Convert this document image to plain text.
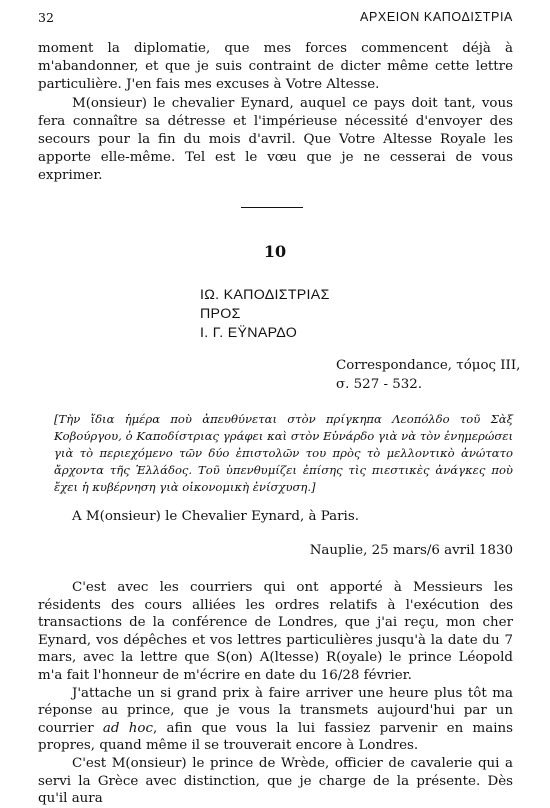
32	ΑΡΧΕΙΟΝ ΚΑΠΟΔΙΣΤΡΙΑ

moment la diplomatie, que mes forces commencent déjà à m'abandonner, et que je suis contraint de dicter même cette lettre particulière. J'en fais mes excuses à Votre Altesse.

M(onsieur) le chevalier Eynard, auquel ce pays doit tant, vous fera connaître sa détresse et l'impérieuse nécessité d'envoyer des secours pour la fin du mois d'avril. Que Votre Altesse Royale les apporte elle-même. Tel est le vœu que je ne cesserai de vous exprimer.

10
ΙΩ. ΚΑΠΟΔΙΣΤΡΙΑΣ
ΠΡΟΣ
Ι. Γ. ΕΫΝΑΡΔΟ
Correspondance, τόμος III,
σ. 527 - 532.

[Τὴν ἴδια ἡμέρα ποὺ ἀπευθύνεται στὸν πρίγκηπα Λεοπόλδο τοῦ Σὰξ Κοβούργου, ὁ Καποδίστριας γράφει καὶ στὸν Εὐνάρδο γιὰ νὰ τὸν ἐνημερώσει γιὰ τὸ περιεχόμενο τῶν δύο ἐπιστολῶν του πρὸς τὸ μελλοντικὸ ἀνώτατο ἄρχοντα τῆς Ἑλλάδος. Τοῦ ὑπενθυμίζει ἐπίσης τὶς πιεστικὲς ἀνάγκες ποὺ ἔχει ἡ κυβέρνηση γιὰ οἰκονομικὴ ἐνίσχυση.]

A M(onsieur) le Chevalier Eynard, à Paris.
Nauplie, 25 mars/6 avril 1830

C'est avec les courriers qui ont apporté à Messieurs les résidents des cours alliées les ordres relatifs à l'exécution des transactions de la conférence de Londres, que j'ai reçu, mon cher Eynard, vos dépêches et vos lettres particulières jusqu'à la date du 7 mars, avec la lettre que S(on) A(ltesse) R(oyale) le prince Léopold m'a fait l'honneur de m'écrire en date du 16/28 février.

J'attache un si grand prix à faire arriver une heure plus tôt ma réponse au prince, que je vous la transmets aujourd'hui par un courrier ad hoc, afin que vous la lui fassiez parvenir en mains propres, quand même il se trouverait encore à Londres.

C'est M(onsieur) le prince de Wrède, officier de cavalerie qui a servi la Grèce avec distinction, que je charge de la présente. Dès qu'il aura
